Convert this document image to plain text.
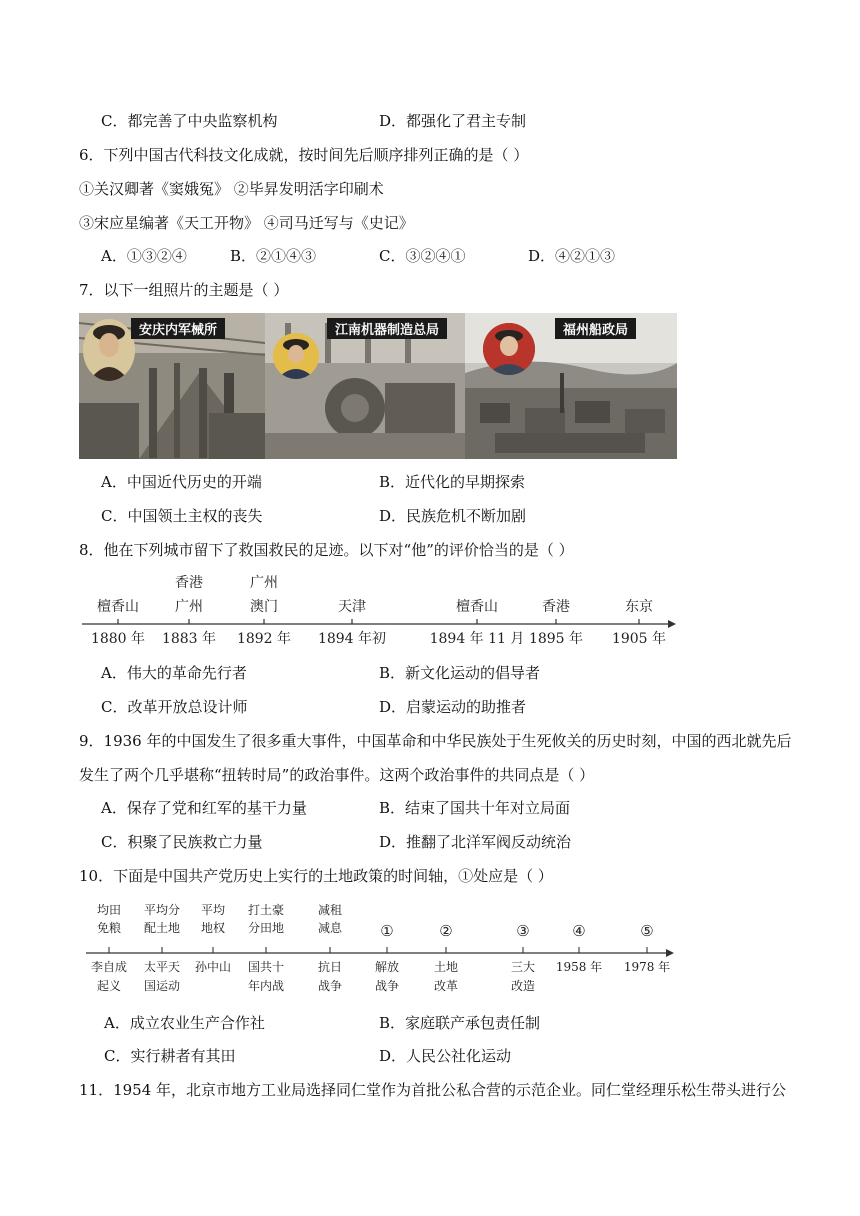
C．都完善了中央监察机构	D．都强化了君主专制
6．下列中国古代科技文化成就，按时间先后顺序排列正确的是（ ）
①关汉卿著《窦娥冤》 ②毕昇发明活字印刷术
③宋应星编著《天工开物》 ④司马迁写与《史记》
A．①③②④	B．②①④③	C．③②④①	D．④②①③
7．以下一组照片的主题是（ ）
安庆内军械所	江南机器制造总局	福州船政局
A．中国近代历史的开端	B．近代化的早期探索
C．中国领土主权的丧失	D．民族危机不断加剧
8．他在下列城市留下了救国救民的足迹。以下对“他”的评价恰当的是（ ）
檀香山
1880 年
香港
广州
1883 年
广州
澳门
1892 年
天津
1894 年初
檀香山
1894 年 11 月
香港
1895 年
东京
1905 年
A．伟大的革命先行者	B．新文化运动的倡导者
C．改革开放总设计师	D．启蒙运动的助推者
9．1936 年的中国发生了很多重大事件，中国革命和中华民族处于生死攸关的历史时刻，中国的西北就先后
发生了两个几乎堪称“扭转时局”的政治事件。这两个政治事件的共同点是（ ）
A．保存了党和红军的基干力量	B．结束了国共十年对立局面
C．积聚了民族救亡力量	D．推翻了北洋军阀反动统治
10．下面是中国共产党历史上实行的土地政策的时间轴，①处应是（ ）
均田
免粮
李自成
起义
平均分
配土地
太平天
国运动
平均
地权
孙中山
打土豪
分田地
国共十
年内战
减租
减息
抗日
战争
①
解放
战争
②
土地
改革
③
三大
改造
④
1958 年
⑤
1978 年
A．成立农业生产合作社	B．家庭联产承包责任制
C．实行耕者有其田	D．人民公社化运动
11．1954 年，北京市地方工业局选择同仁堂作为首批公私合营的示范企业。同仁堂经理乐松生带头进行公
